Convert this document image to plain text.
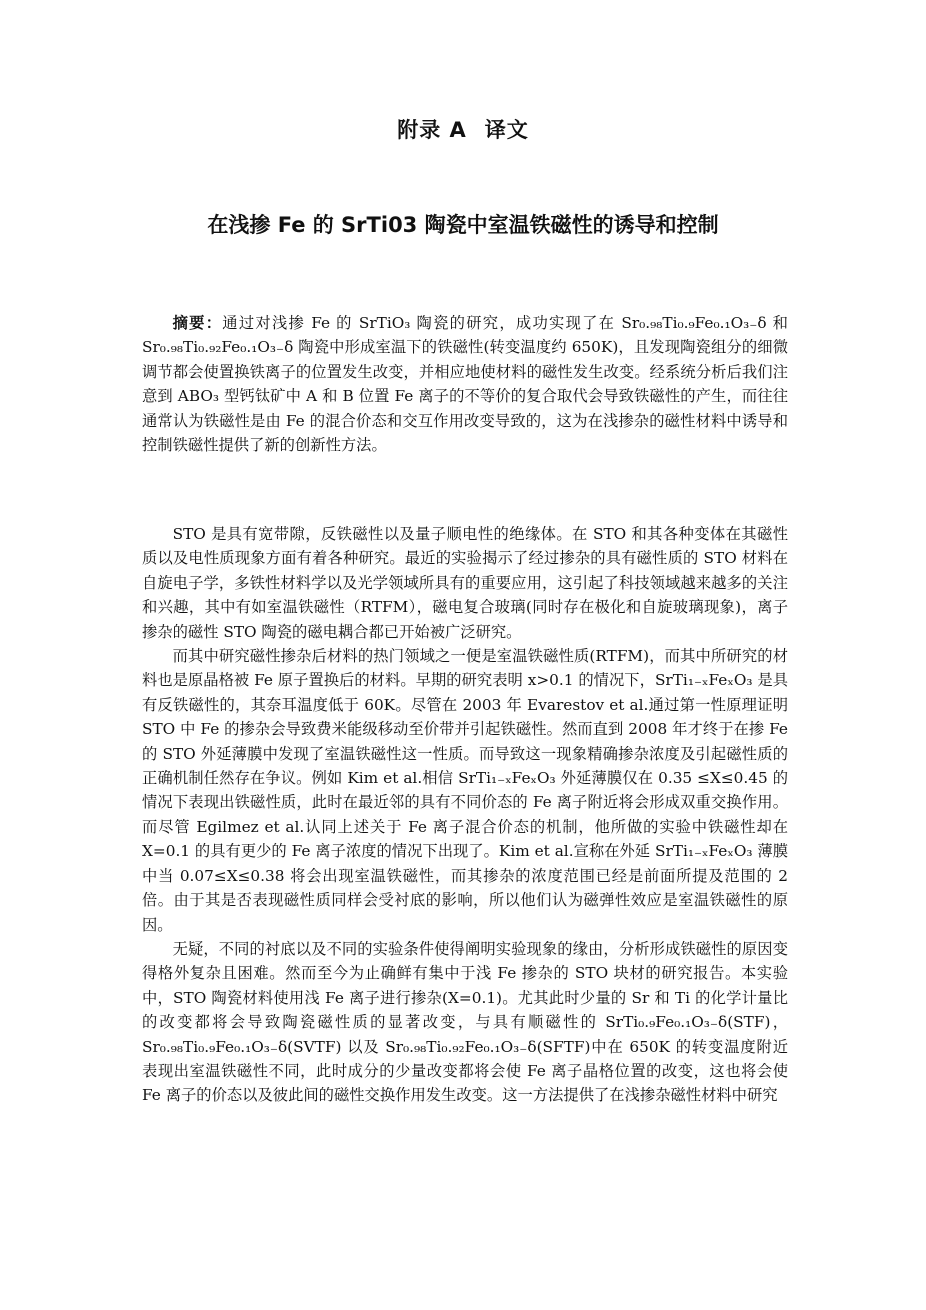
附录 A 译文
在浅掺 Fe 的 SrTi03 陶瓷中室温铁磁性的诱导和控制

摘要：通过对浅掺 Fe 的 SrTiO₃ 陶瓷的研究，成功实现了在 Sr₀.₉₈Ti₀.₉Fe₀.₁O₃₋δ 和 Sr₀.₉₈Ti₀.₉₂Fe₀.₁O₃₋δ 陶瓷中形成室温下的铁磁性(转变温度约 650K)，且发现陶瓷组分的细微调节都会使置换铁离子的位置发生改变，并相应地使材料的磁性发生改变。经系统分析后我们注意到 ABO₃ 型钙钛矿中 A 和 B 位置 Fe 离子的不等价的复合取代会导致铁磁性的产生，而往往通常认为铁磁性是由 Fe 的混合价态和交互作用改变导致的，这为在浅掺杂的磁性材料中诱导和控制铁磁性提供了新的创新性方法。

STO 是具有宽带隙，反铁磁性以及量子顺电性的绝缘体。在 STO 和其各种变体在其磁性质以及电性质现象方面有着各种研究。最近的实验揭示了经过掺杂的具有磁性质的 STO 材料在自旋电子学，多铁性材料学以及光学领域所具有的重要应用，这引起了科技领域越来越多的关注和兴趣，其中有如室温铁磁性（RTFM），磁电复合玻璃(同时存在极化和自旋玻璃现象)，离子掺杂的磁性 STO 陶瓷的磁电耦合都已开始被广泛研究。

而其中研究磁性掺杂后材料的热门领域之一便是室温铁磁性质(RTFM)，而其中所研究的材料也是原晶格被 Fe 原子置换后的材料。早期的研究表明 x>0.1 的情况下，SrTi₁₋ₓFeₓO₃ 是具有反铁磁性的，其奈耳温度低于 60K。尽管在 2003 年 Evarestov et al.通过第一性原理证明 STO 中 Fe 的掺杂会导致费米能级移动至价带并引起铁磁性。然而直到 2008 年才终于在掺 Fe 的 STO 外延薄膜中发现了室温铁磁性这一性质。而导致这一现象精确掺杂浓度及引起磁性质的正确机制任然存在争议。例如 Kim et al.相信 SrTi₁₋ₓFeₓO₃ 外延薄膜仅在 0.35 ≤X≤0.45 的情况下表现出铁磁性质，此时在最近邻的具有不同价态的 Fe 离子附近将会形成双重交换作用。而尽管 Egilmez et al.认同上述关于 Fe 离子混合价态的机制，他所做的实验中铁磁性却在 X=0.1 的具有更少的 Fe 离子浓度的情况下出现了。Kim et al.宣称在外延 SrTi₁₋ₓFeₓO₃ 薄膜中当 0.07≤X≤0.38 将会出现室温铁磁性，而其掺杂的浓度范围已经是前面所提及范围的 2 倍。由于其是否表现磁性质同样会受衬底的影响，所以他们认为磁弹性效应是室温铁磁性的原因。

无疑，不同的衬底以及不同的实验条件使得阐明实验现象的缘由，分析形成铁磁性的原因变得格外复杂且困难。然而至今为止确鲜有集中于浅 Fe 掺杂的 STO 块材的研究报告。本实验中，STO 陶瓷材料使用浅 Fe 离子进行掺杂(X=0.1)。尤其此时少量的 Sr 和 Ti 的化学计量比的改变都将会导致陶瓷磁性质的显著改变，与具有顺磁性的 SrTi₀.₉Fe₀.₁O₃₋δ(STF)，Sr₀.₉₈Ti₀.₉Fe₀.₁O₃₋δ(SVTF) 以及 Sr₀.₉₈Ti₀.₉₂Fe₀.₁O₃₋δ(SFTF)中在 650K 的转变温度附近表现出室温铁磁性不同，此时成分的少量改变都将会使 Fe 离子晶格位置的改变，这也将会使 Fe 离子的价态以及彼此间的磁性交换作用发生改变。这一方法提供了在浅掺杂磁性材料中研究
